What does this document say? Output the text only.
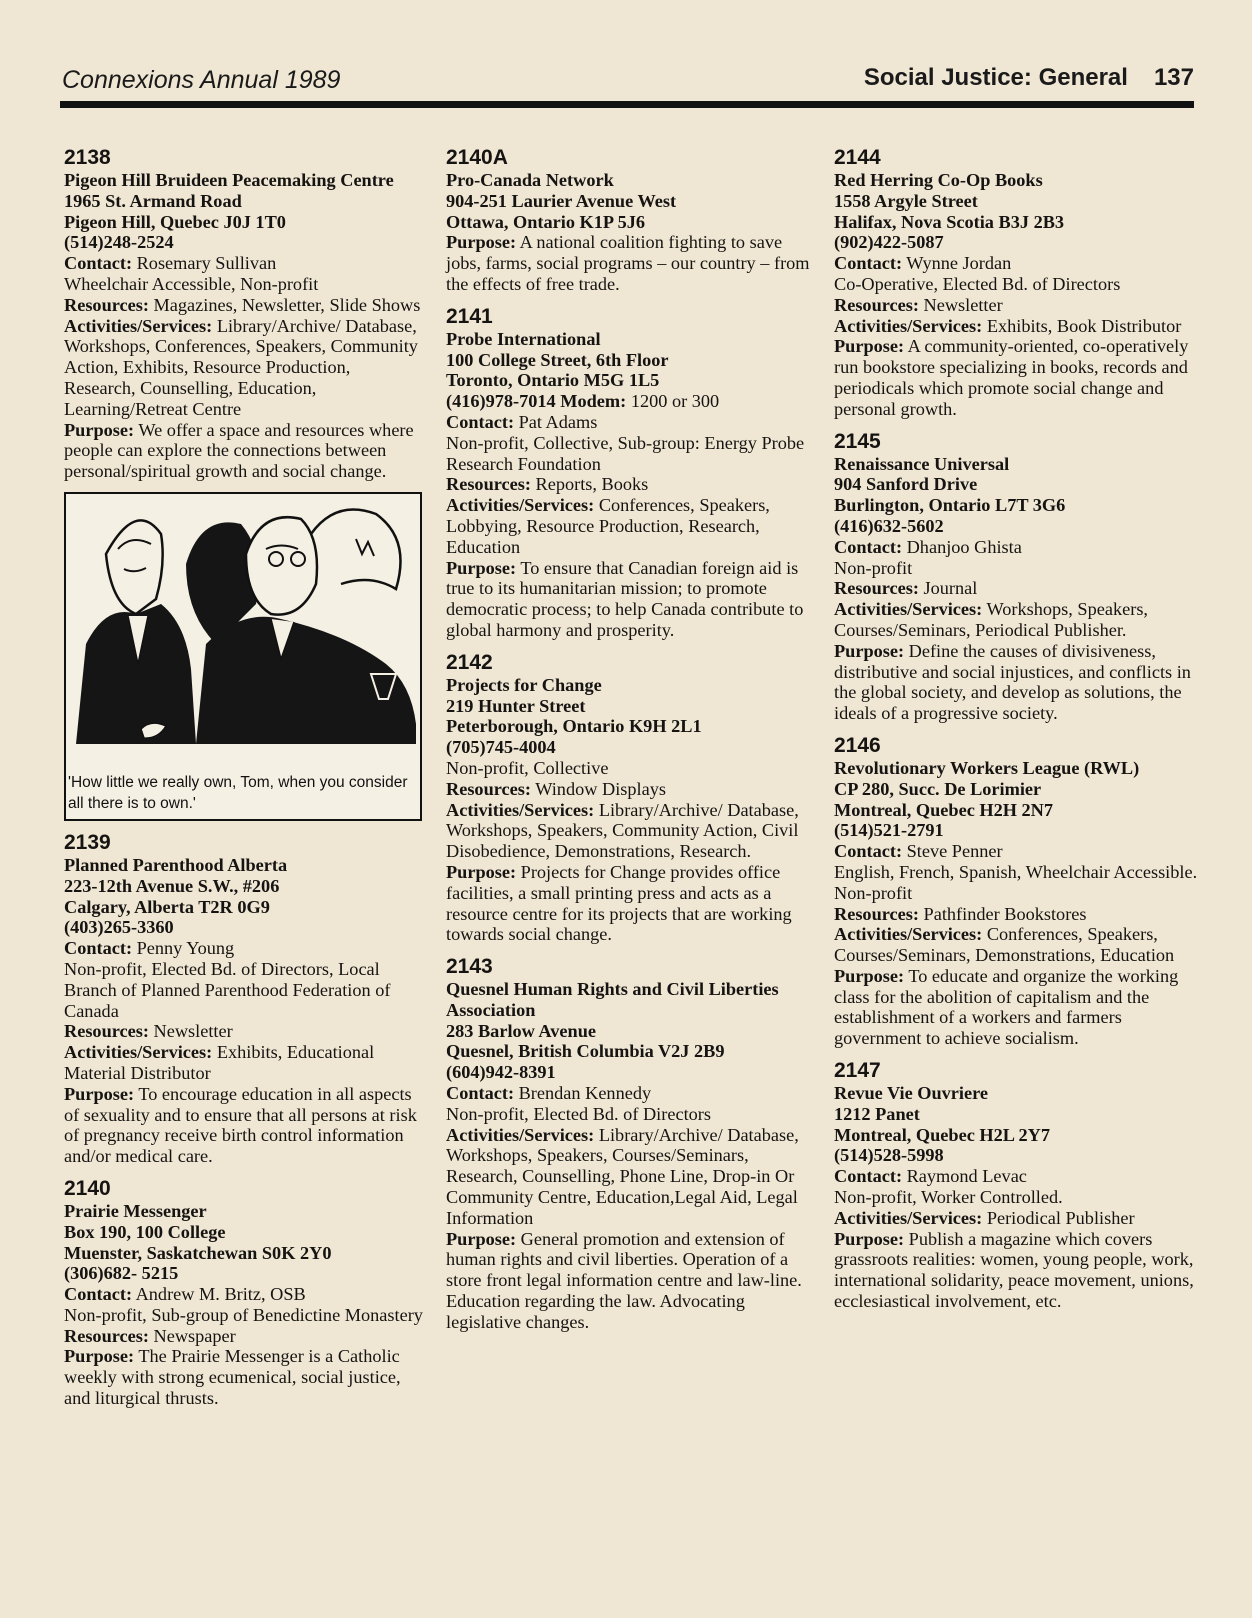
Connexions Annual 1989	Social Justice: General 137
2138
Pigeon Hill Bruideen Peacemaking Centre
1965 St. Armand Road
Pigeon Hill, Quebec J0J 1T0
(514)248-2524
Contact: Rosemary Sullivan
Wheelchair Accessible, Non-profit
Resources: Magazines, Newsletter, Slide Shows
Activities/Services: Library/Archive/ Database, Workshops, Conferences, Speakers, Community Action, Exhibits, Resource Production, Research, Counselling, Education, Learning/Retreat Centre
Purpose: We offer a space and resources where people can explore the connections between personal/spiritual growth and social change.
'How little we really own, Tom, when you consider all there is to own.'
2139
Planned Parenthood Alberta
223-12th Avenue S.W., #206
Calgary, Alberta T2R 0G9
(403)265-3360
Contact: Penny Young
Non-profit, Elected Bd. of Directors, Local Branch of Planned Parenthood Federation of Canada
Resources: Newsletter
Activities/Services: Exhibits, Educational Material Distributor
Purpose: To encourage education in all aspects of sexuality and to ensure that all persons at risk of pregnancy receive birth control information and/or medical care.
2140
Prairie Messenger
Box 190, 100 College
Muenster, Saskatchewan S0K 2Y0
(306)682- 5215
Contact: Andrew M. Britz, OSB
Non-profit, Sub-group of Benedictine Monastery
Resources: Newspaper
Purpose: The Prairie Messenger is a Catholic weekly with strong ecumenical, social justice, and liturgical thrusts.
2140A
Pro-Canada Network
904-251 Laurier Avenue West
Ottawa, Ontario K1P 5J6
Purpose: A national coalition fighting to save jobs, farms, social programs – our country – from the effects of free trade.
2141
Probe International
100 College Street, 6th Floor
Toronto, Ontario M5G 1L5
(416)978-7014 Modem: 1200 or 300
Contact: Pat Adams
Non-profit, Collective, Sub-group: Energy Probe Research Foundation
Resources: Reports, Books
Activities/Services: Conferences, Speakers, Lobbying, Resource Production, Research, Education
Purpose: To ensure that Canadian foreign aid is true to its humanitarian mission; to promote democratic process; to help Canada contribute to global harmony and prosperity.
2142
Projects for Change
219 Hunter Street
Peterborough, Ontario K9H 2L1
(705)745-4004
Non-profit, Collective
Resources: Window Displays
Activities/Services: Library/Archive/ Database, Workshops, Speakers, Community Action, Civil Disobedience, Demonstrations, Research.
Purpose: Projects for Change provides office facilities, a small printing press and acts as a resource centre for its projects that are working towards social change.
2143
Quesnel Human Rights and Civil Liberties Association
283 Barlow Avenue
Quesnel, British Columbia V2J 2B9
(604)942-8391
Contact: Brendan Kennedy
Non-profit, Elected Bd. of Directors
Activities/Services: Library/Archive/ Database, Workshops, Speakers, Courses/Seminars, Research, Counselling, Phone Line, Drop-in Or Community Centre, Education,Legal Aid, Legal Information
Purpose: General promotion and extension of human rights and civil liberties. Operation of a store front legal information centre and law-line. Education regarding the law. Advocating legislative changes.
2144
Red Herring Co-Op Books
1558 Argyle Street
Halifax, Nova Scotia B3J 2B3
(902)422-5087
Contact: Wynne Jordan
Co-Operative, Elected Bd. of Directors
Resources: Newsletter
Activities/Services: Exhibits, Book Distributor
Purpose: A community-oriented, co-operatively run bookstore specializing in books, records and periodicals which promote social change and personal growth.
2145
Renaissance Universal
904 Sanford Drive
Burlington, Ontario L7T 3G6
(416)632-5602
Contact: Dhanjoo Ghista
Non-profit
Resources: Journal
Activities/Services: Workshops, Speakers, Courses/Seminars, Periodical Publisher.
Purpose: Define the causes of divisiveness, distributive and social injustices, and conflicts in the global society, and develop as solutions, the ideals of a progressive society.
2146
Revolutionary Workers League (RWL)
CP 280, Succ. De Lorimier
Montreal, Quebec H2H 2N7
(514)521-2791
Contact: Steve Penner
English, French, Spanish, Wheelchair Accessible. Non-profit
Resources: Pathfinder Bookstores
Activities/Services: Conferences, Speakers, Courses/Seminars, Demonstrations, Education
Purpose: To educate and organize the working class for the abolition of capitalism and the establishment of a workers and farmers government to achieve socialism.
2147
Revue Vie Ouvriere
1212 Panet
Montreal, Quebec H2L 2Y7
(514)528-5998
Contact: Raymond Levac
Non-profit, Worker Controlled.
Activities/Services: Periodical Publisher
Purpose: Publish a magazine which covers grassroots realities: women, young people, work, international solidarity, peace movement, unions, ecclesiastical involvement, etc.
